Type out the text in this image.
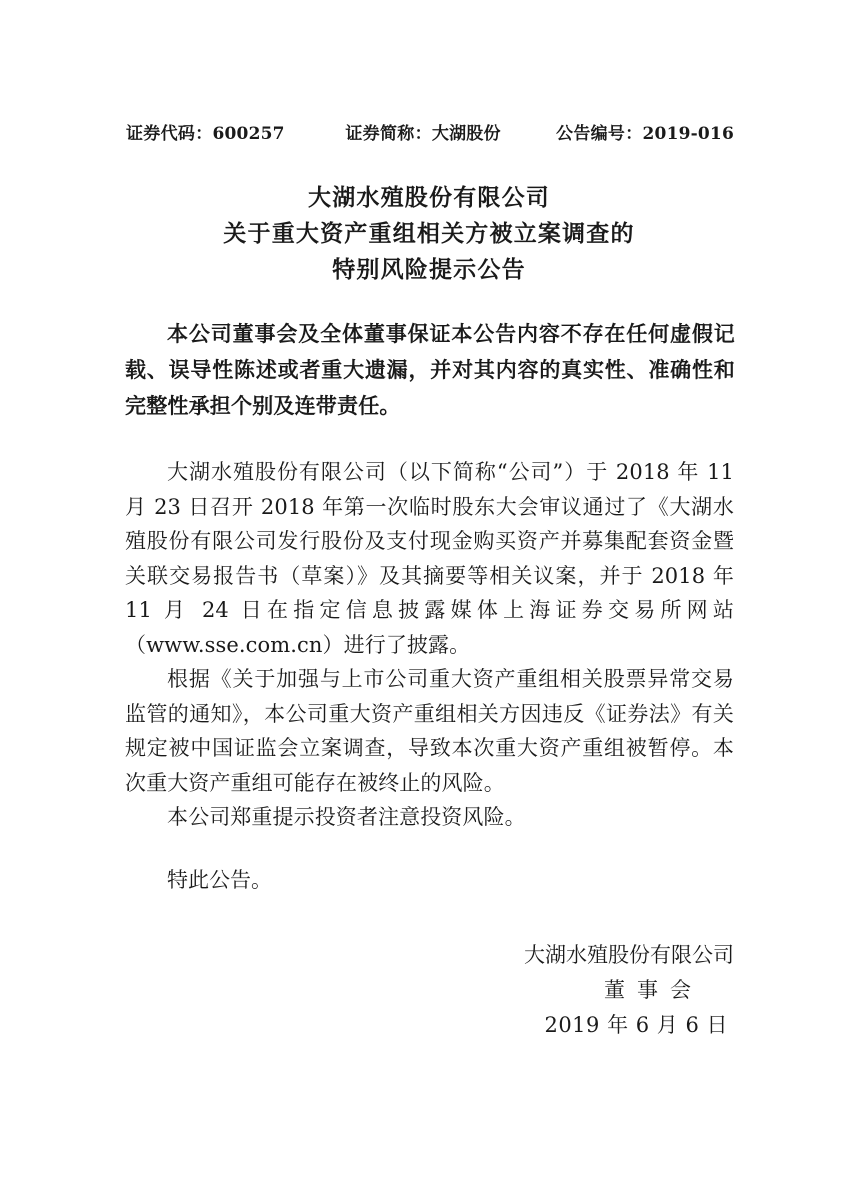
证券代码：600257	证券简称：大湖股份	公告编号：2019-016
大湖水殖股份有限公司
关于重大资产重组相关方被立案调查的
特别风险提示公告
本公司董事会及全体董事保证本公告内容不存在任何虚假记载、误导性陈述或者重大遗漏，并对其内容的真实性、准确性和完整性承担个别及连带责任。

大湖水殖股份有限公司（以下简称“公司”）于 2018 年 11 月 23 日召开 2018 年第一次临时股东大会审议通过了《大湖水殖股份有限公司发行股份及支付现金购买资产并募集配套资金暨关联交易报告书（草案）》及其摘要等相关议案，并于 2018 年 11 月 24 日在指定信息披露媒体上海证券交易所网站（www.sse.com.cn）进行了披露。

根据《关于加强与上市公司重大资产重组相关股票异常交易监管的通知》，本公司重大资产重组相关方因违反《证券法》有关规定被中国证监会立案调查，导致本次重大资产重组被暂停。本次重大资产重组可能存在被终止的风险。

本公司郑重提示投资者注意投资风险。

特此公告。
大湖水殖股份有限公司
董事会
2019 年 6 月 6 日
